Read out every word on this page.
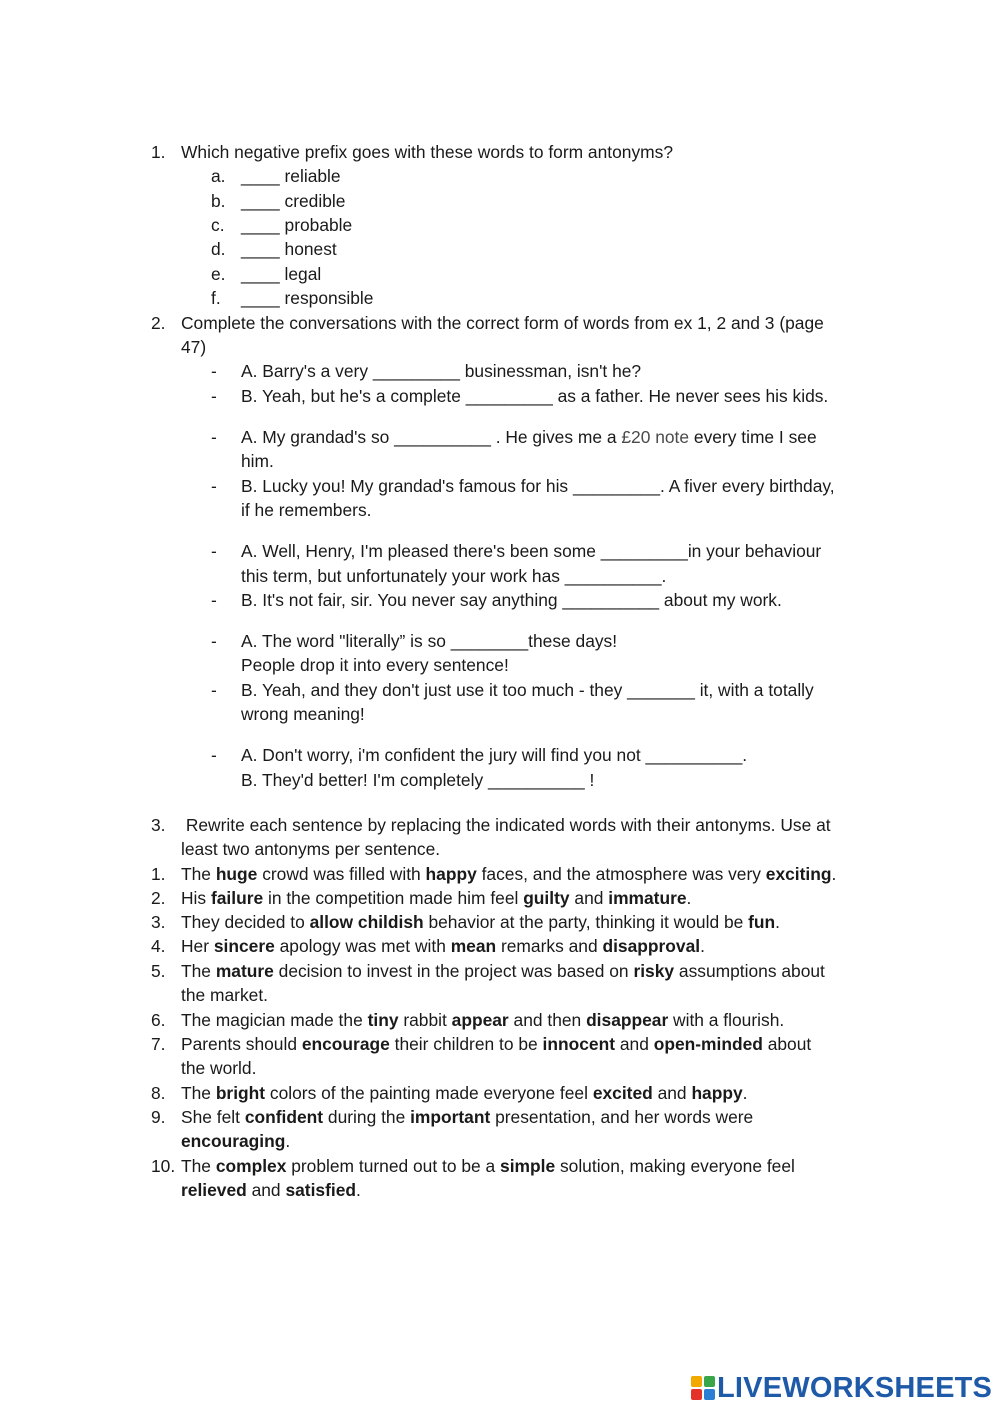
1. Which negative prefix goes with these words to form antonyms?
a. ____ reliable
b. ____ credible
c. ____ probable
d. ____ honest
e. ____ legal
f. ____ responsible
2. Complete the conversations with the correct form of words from ex 1, 2 and 3 (page
47)
- A. Barry's a very _________ businessman, isn't he?
- B. Yeah, but he's a complete _________ as a father. He never sees his kids.
- A. My grandad's so __________ . He gives me a £20 note every time I see
him.
- B. Lucky you! My grandad's famous for his _________. A fiver every birthday,
if he remembers.
- A. Well, Henry, I'm pleased there's been some _________in your behaviour
this term, but unfortunately your work has __________.
- B. It's not fair, sir. You never say anything __________ about my work.
- A. The word "literally” is so ________these days!
People drop it into every sentence!
- B. Yeah, and they don't just use it too much - they _______ it, with a totally
wrong meaning!
- A. Don't worry, i'm confident the jury will find you not __________.
B. They'd better! I'm completely __________ !
3. Rewrite each sentence by replacing the indicated words with their antonyms. Use at
least two antonyms per sentence.
1. The huge crowd was filled with happy faces, and the atmosphere was very exciting.
2. His failure in the competition made him feel guilty and immature.
3. They decided to allow childish behavior at the party, thinking it would be fun.
4. Her sincere apology was met with mean remarks and disapproval.
5. The mature decision to invest in the project was based on risky assumptions about
the market.
6. The magician made the tiny rabbit appear and then disappear with a flourish.
7. Parents should encourage their children to be innocent and open-minded about
the world.
8. The bright colors of the painting made everyone feel excited and happy.
9. She felt confident during the important presentation, and her words were
encouraging.
10. The complex problem turned out to be a simple solution, making everyone feel
relieved and satisfied.
LIVEWORKSHEETS
